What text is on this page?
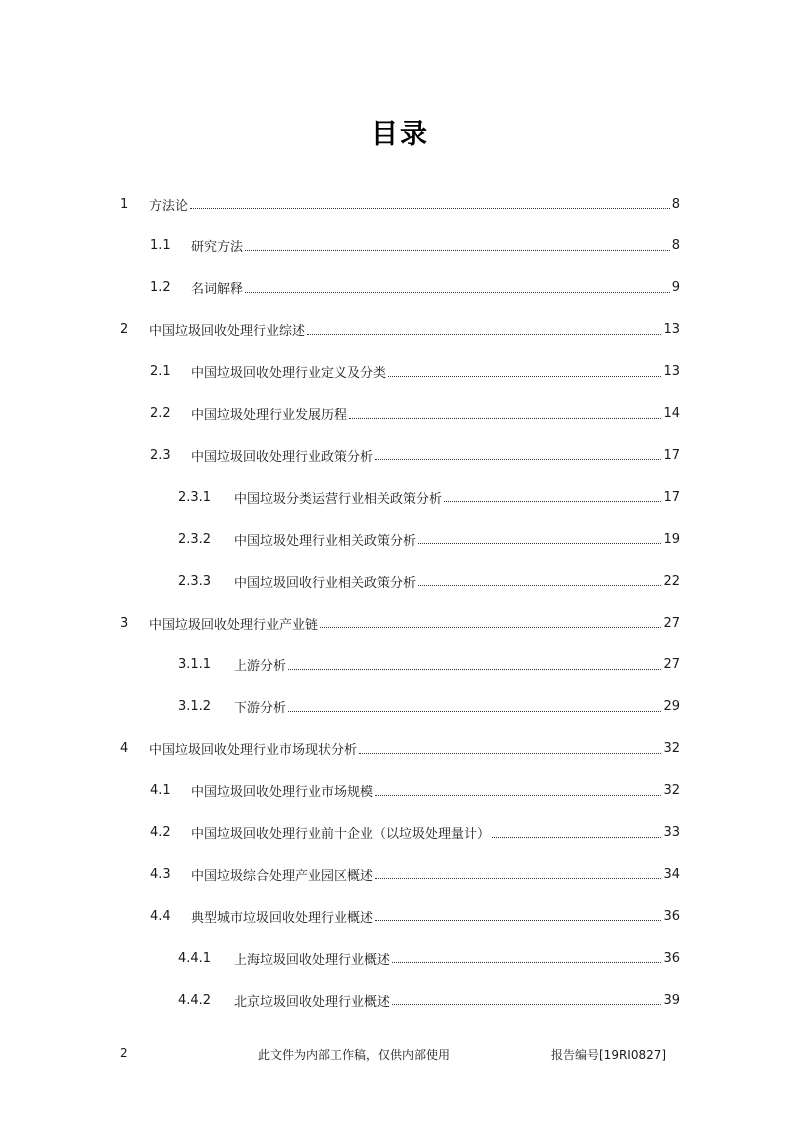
目录
1	方法论	8
1.1	研究方法	8
1.2	名词解释	9
2	中国垃圾回收处理行业综述	13
2.1	中国垃圾回收处理行业定义及分类	13
2.2	中国垃圾处理行业发展历程	14
2.3	中国垃圾回收处理行业政策分析	17
2.3.1	中国垃圾分类运营行业相关政策分析	17
2.3.2	中国垃圾处理行业相关政策分析	19
2.3.3	中国垃圾回收行业相关政策分析	22
3	中国垃圾回收处理行业产业链	27
3.1.1	上游分析	27
3.1.2	下游分析	29
4	中国垃圾回收处理行业市场现状分析	32
4.1	中国垃圾回收处理行业市场规模	32
4.2	中国垃圾回收处理行业前十企业（以垃圾处理量计）	33
4.3	中国垃圾综合处理产业园区概述	34
4.4	典型城市垃圾回收处理行业概述	36
4.4.1	上海垃圾回收处理行业概述	36
4.4.2	北京垃圾回收处理行业概述	39
2	此文件为内部工作稿，仅供内部使用	报告编号[19RI0827]
